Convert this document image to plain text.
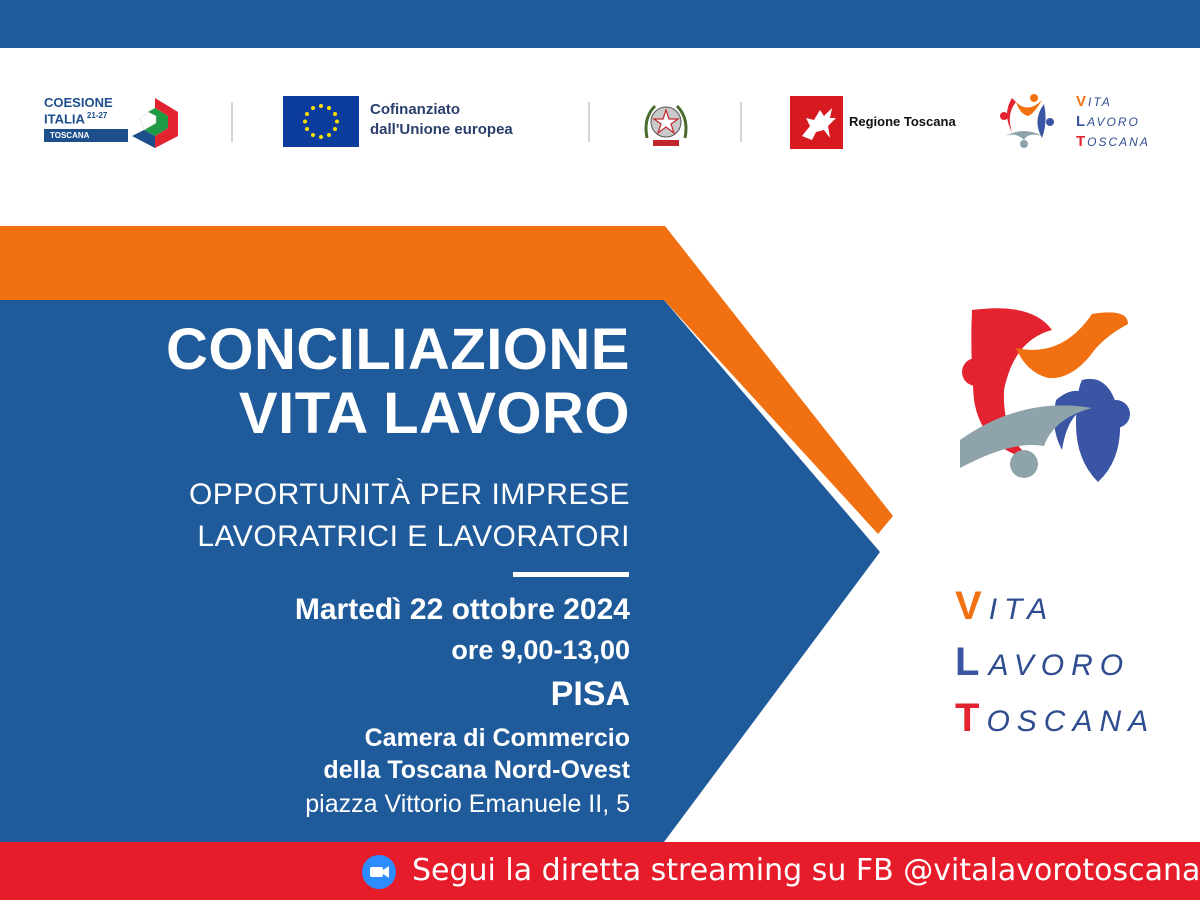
COESIONE
ITALIA $^{21-27}$
TOSCANA
Cofinanziato
dall'Unione europea	Regione Toscana
VITA
LAVORO
TOSCANA
CONCILIAZIONE
VITA LAVORO
OPPORTUNITÀ PER IMPRESE
LAVORATRICI E LAVORATORI
Martedì 22 ottobre 2024
ore 9,00-13,00
PISA
Camera di Commercio
della Toscana Nord-Ovest
piazza Vittorio Emanuele II, 5
VITA
LAVORO
TOSCANA
Segui la diretta streaming su FB @vitalavorotoscana
